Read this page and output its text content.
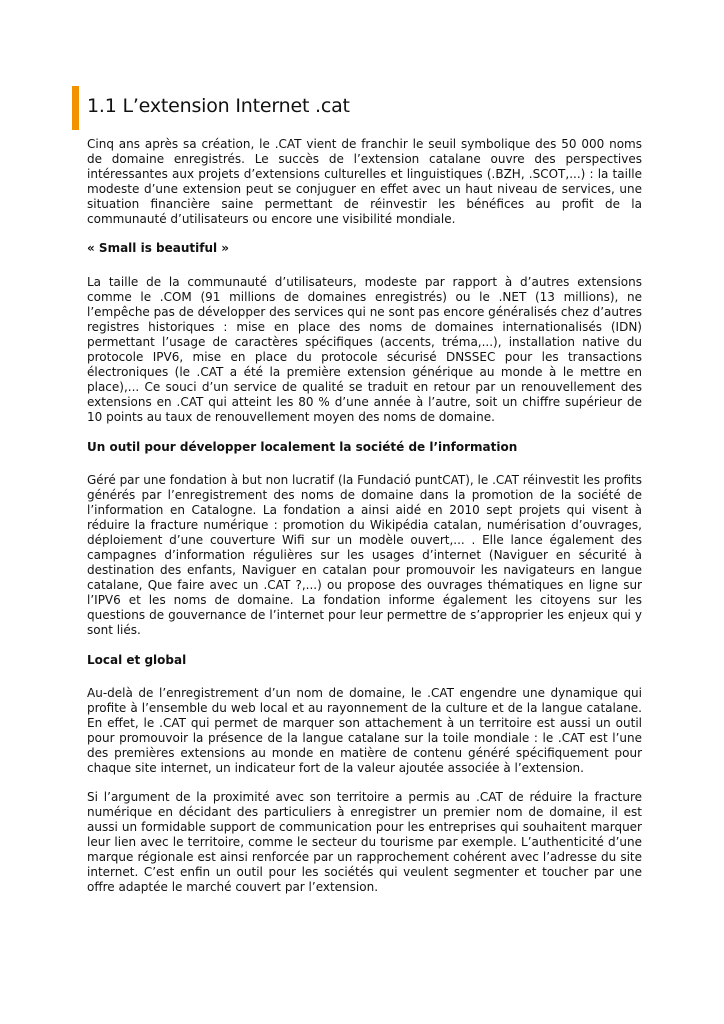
1.1 L’extension Internet .cat

Cinq ans après sa création, le .CAT vient de franchir le seuil symbolique des 50 000 noms de domaine enregistrés. Le succès de l’extension catalane ouvre des perspectives intéressantes aux projets d’extensions culturelles et linguistiques (.BZH, .SCOT,...) : la taille modeste d’une extension peut se conjuguer en effet avec un haut niveau de services, une situation financière saine permettant de réinvestir les bénéfices au profit de la communauté d’utilisateurs ou encore une visibilité mondiale.

« Small is beautiful »

La taille de la communauté d’utilisateurs, modeste par rapport à d’autres extensions comme le .COM (91 millions de domaines enregistrés) ou le .NET (13 millions), ne l’empêche pas de développer des services qui ne sont pas encore généralisés chez d’autres registres historiques : mise en place des noms de domaines internationalisés (IDN) permettant l’usage de caractères spécifiques (accents, tréma,...), installation native du protocole IPV6, mise en place du protocole sécurisé DNSSEC pour les transactions électroniques (le .CAT a été la première extension générique au monde à le mettre en place),... Ce souci d’un service de qualité se traduit en retour par un renouvellement des extensions en .CAT qui atteint les 80 % d’une année à l’autre, soit un chiffre supérieur de 10 points au taux de renouvellement moyen des noms de domaine.

Un outil pour développer localement la société de l’information

Géré par une fondation à but non lucratif (la Fundació puntCAT), le .CAT réinvestit les profits générés par l’enregistrement des noms de domaine dans la promotion de la société de l’information en Catalogne. La fondation a ainsi aidé en 2010 sept projets qui visent à réduire la fracture numérique : promotion du Wikipédia catalan, numérisation d’ouvrages, déploiement d’une couverture Wifi sur un modèle ouvert,... . Elle lance également des campagnes d’information régulières sur les usages d’internet (Naviguer en sécurité à destination des enfants, Naviguer en catalan pour promouvoir les navigateurs en langue catalane, Que faire avec un .CAT ?,...) ou propose des ouvrages thématiques en ligne sur l’IPV6 et les noms de domaine. La fondation informe également les citoyens sur les questions de gouvernance de l’internet pour leur permettre de s’approprier les enjeux qui y sont liés.

Local et global

Au-delà de l’enregistrement d’un nom de domaine, le .CAT engendre une dynamique qui profite à l’ensemble du web local et au rayonnement de la culture et de la langue catalane. En effet, le .CAT qui permet de marquer son attachement à un territoire est aussi un outil pour promouvoir la présence de la langue catalane sur la toile mondiale : le .CAT est l’une des premières extensions au monde en matière de contenu généré spécifiquement pour chaque site internet, un indicateur fort de la valeur ajoutée associée à l’extension.

Si l’argument de la proximité avec son territoire a permis au .CAT de réduire la fracture numérique en décidant des particuliers à enregistrer un premier nom de domaine, il est aussi un formidable support de communication pour les entreprises qui souhaitent marquer leur lien avec le territoire, comme le secteur du tourisme par exemple. L’authenticité d’une marque régionale est ainsi renforcée par un rapprochement cohérent avec l’adresse du site internet. C’est enfin un outil pour les sociétés qui veulent segmenter et toucher par une offre adaptée le marché couvert par l’extension.
